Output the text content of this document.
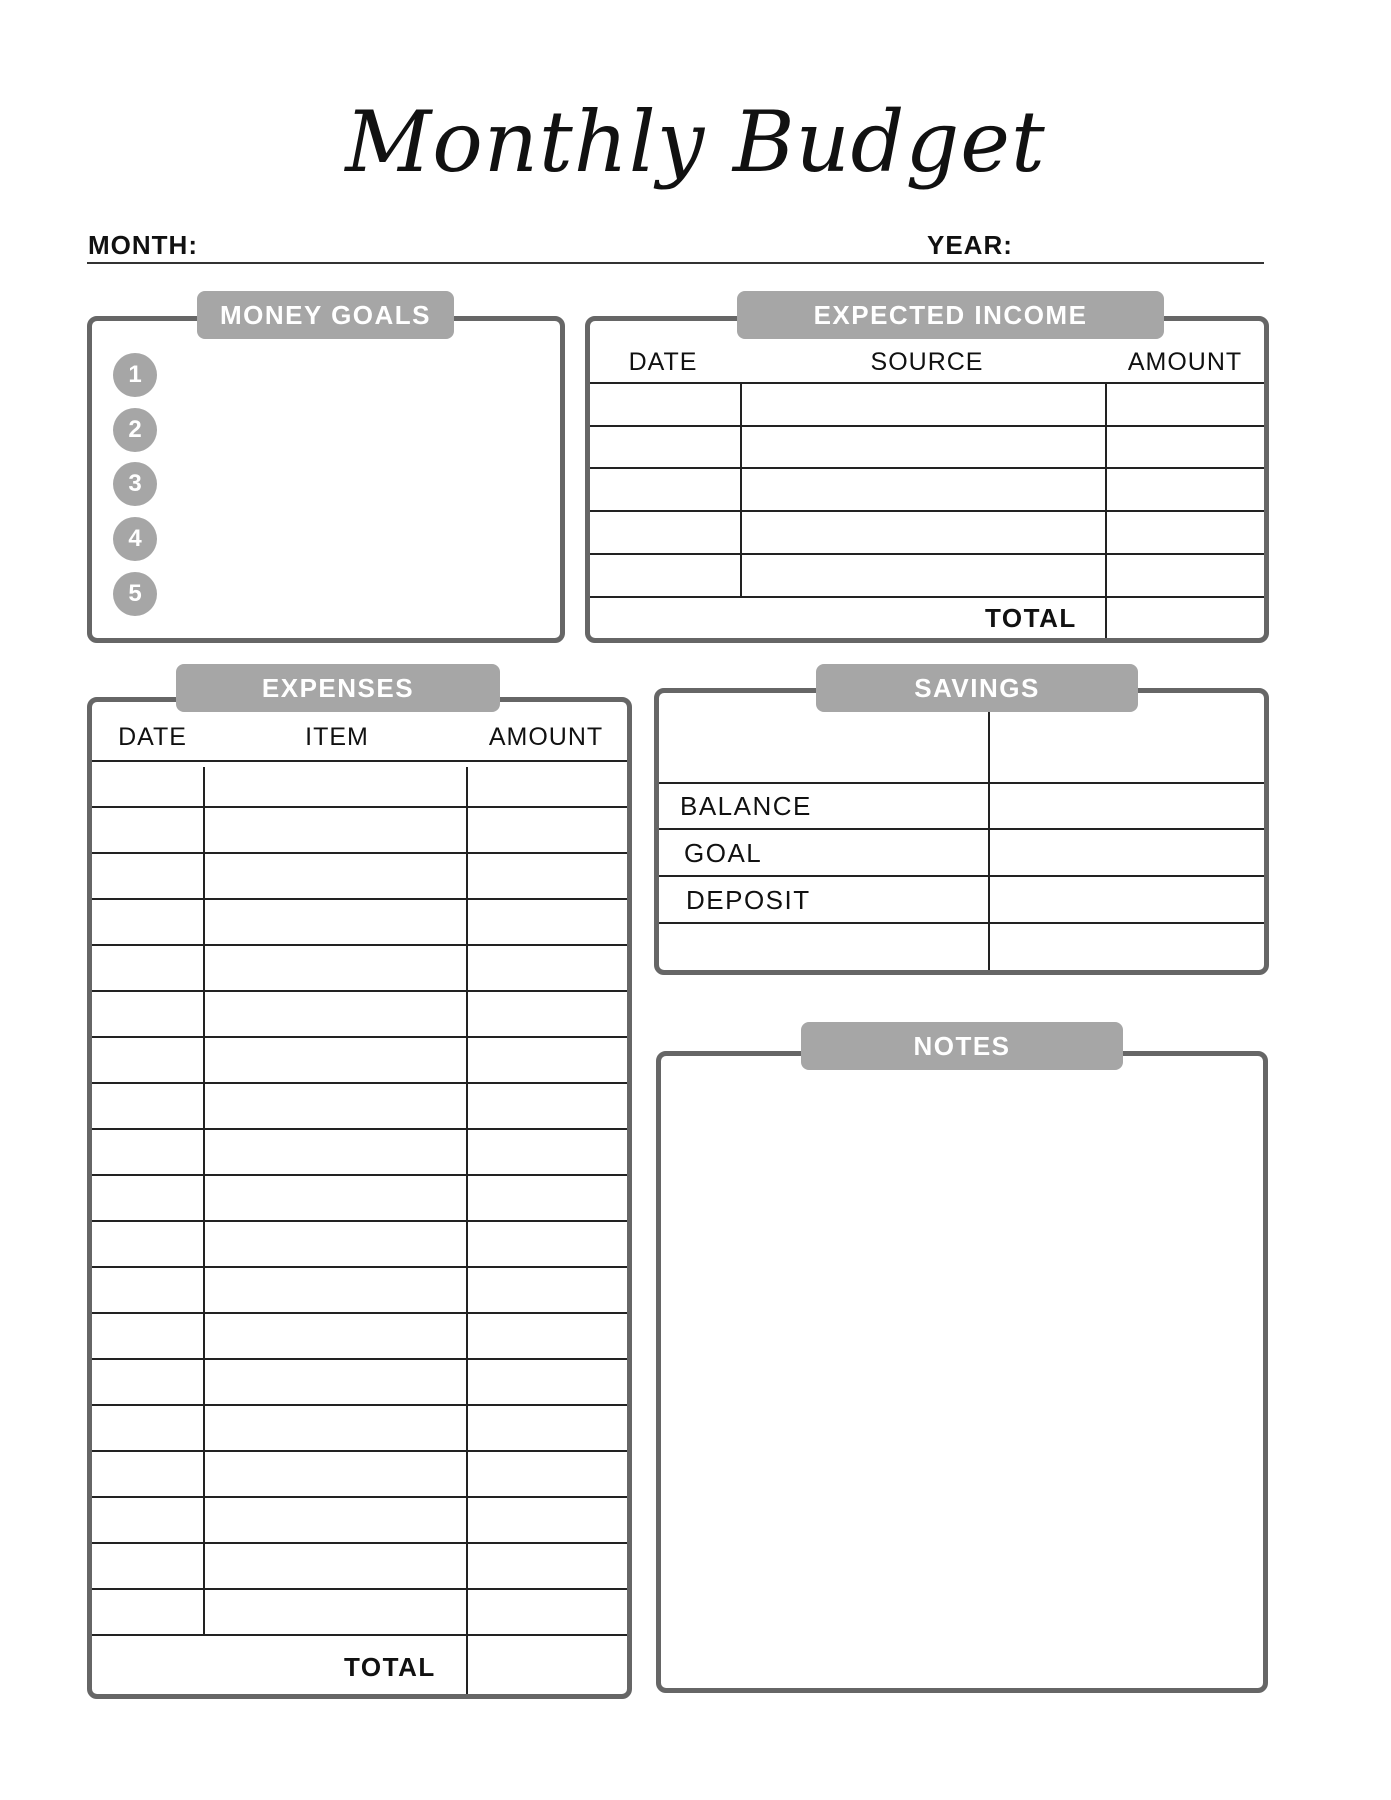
Monthly Budget
MONTH:	YEAR:
MONEY GOALS
1
2
3
4
5
EXPECTED INCOME
DATE	SOURCE	AMOUNT
TOTAL
EXPENSES
DATE	ITEM	AMOUNT
TOTAL
SAVINGS
BALANCE
GOAL
DEPOSIT
NOTES
